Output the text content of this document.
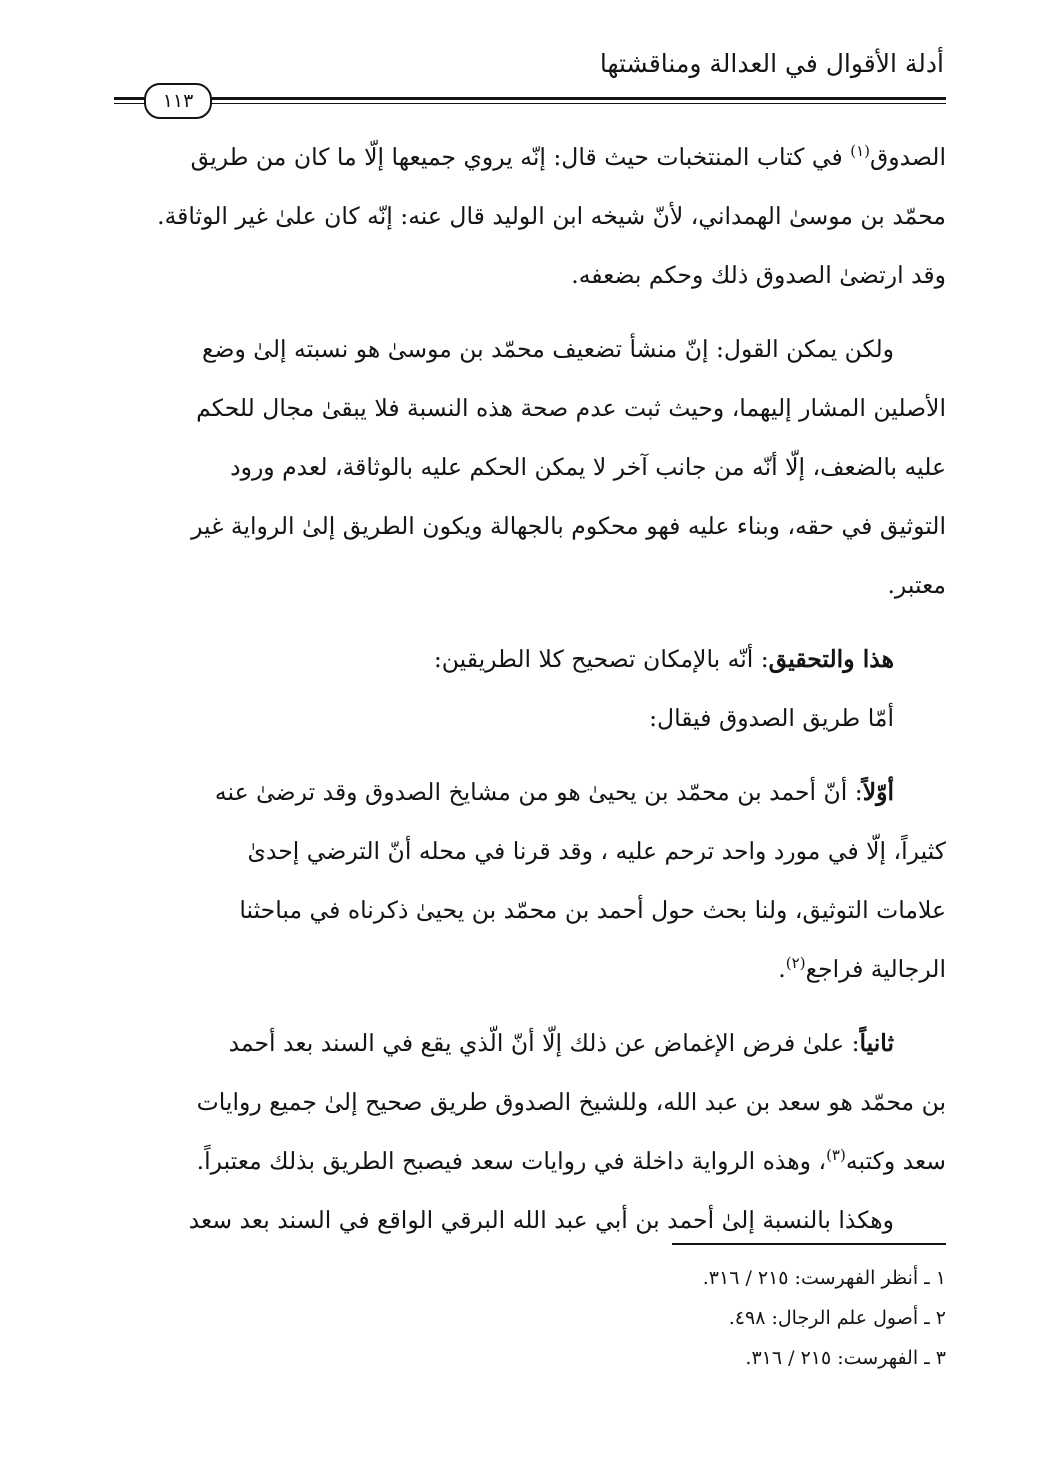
أدلة الأقوال في العدالة ومناقشتها
١١٣
الصدوق$^{(١)}$ في كتاب المنتخبات حيث قال: إنّه يروي جميعها إلّا ما كان من طريق
محمّد بن موسىٰ الهمداني، لأنّ شيخه ابن الوليد قال عنه: إنّه كان علىٰ غير الوثاقة.
وقد ارتضىٰ الصدوق ذلك وحكم بضعفه.
ولكن يمكن القول: إنّ منشأ تضعيف محمّد بن موسىٰ هو نسبته إلىٰ وضع
الأصلين المشار إليهما، وحيث ثبت عدم صحة هذه النسبة فلا يبقىٰ مجال للحكم
عليه بالضعف، إلّا أنّه من جانب آخر لا يمكن الحكم عليه بالوثاقة، لعدم ورود
التوثيق في حقه، وبناء عليه فهو محكوم بالجهالة ويكون الطريق إلىٰ الرواية غير
معتبر.
هذا والتحقيق: أنّه بالإمكان تصحيح كلا الطريقين:
أمّا طريق الصدوق فيقال:
أوّلاً: أنّ أحمد بن محمّد بن يحيىٰ هو من مشايخ الصدوق وقد ترضىٰ عنه
كثيراً، إلّا في مورد واحد ترحم عليه ، وقد قرنا في محله أنّ الترضي إحدىٰ
علامات التوثيق، ولنا بحث حول أحمد بن محمّد بن يحيىٰ ذكرناه في مباحثنا
الرجالية فراجع$^{(٢)}$.
ثانياً: علىٰ فرض الإغماض عن ذلك إلّا أنّ الّذي يقع في السند بعد أحمد
بن محمّد هو سعد بن عبد الله، وللشيخ الصدوق طريق صحيح إلىٰ جميع روايات
سعد وكتبه$^{(٣)}$، وهذه الرواية داخلة في روايات سعد فيصبح الطريق بذلك معتبراً.
وهكذا بالنسبة إلىٰ أحمد بن أبي عبد الله البرقي الواقع في السند بعد سعد
١ ـ أنظر الفهرست: ٢١٥ / ٣١٦.
٢ ـ أصول علم الرجال: ٤٩٨.
٣ ـ الفهرست: ٢١٥ / ٣١٦.
